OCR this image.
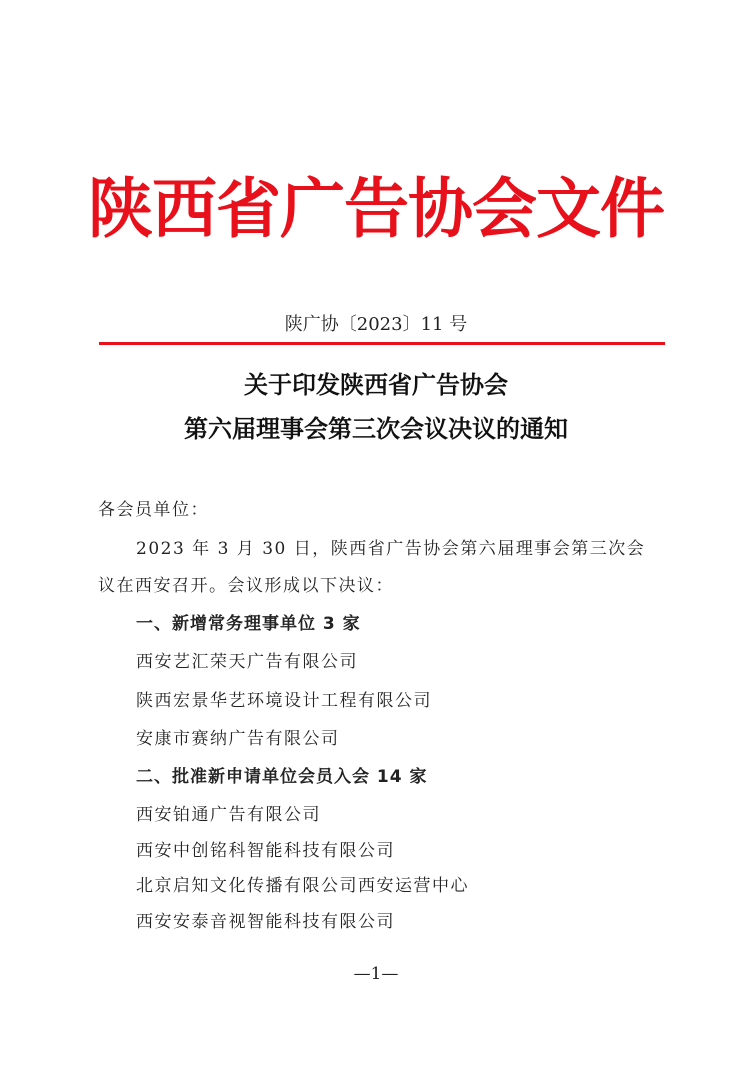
陕西省广告协会文件
陕广协〔2023〕11 号
关于印发陕西省广告协会
第六届理事会第三次会议决议的通知
各会员单位：
2023 年 3 月 30 日，陕西省广告协会第六届理事会第三次会
议在西安召开。会议形成以下决议：
一、新增常务理事单位 3 家
西安艺汇荣天广告有限公司
陕西宏景华艺环境设计工程有限公司
安康市赛纳广告有限公司
二、批准新申请单位会员入会 14 家
西安铂通广告有限公司
西安中创铭科智能科技有限公司
北京启知文化传播有限公司西安运营中心
西安安泰音视智能科技有限公司
—1—
